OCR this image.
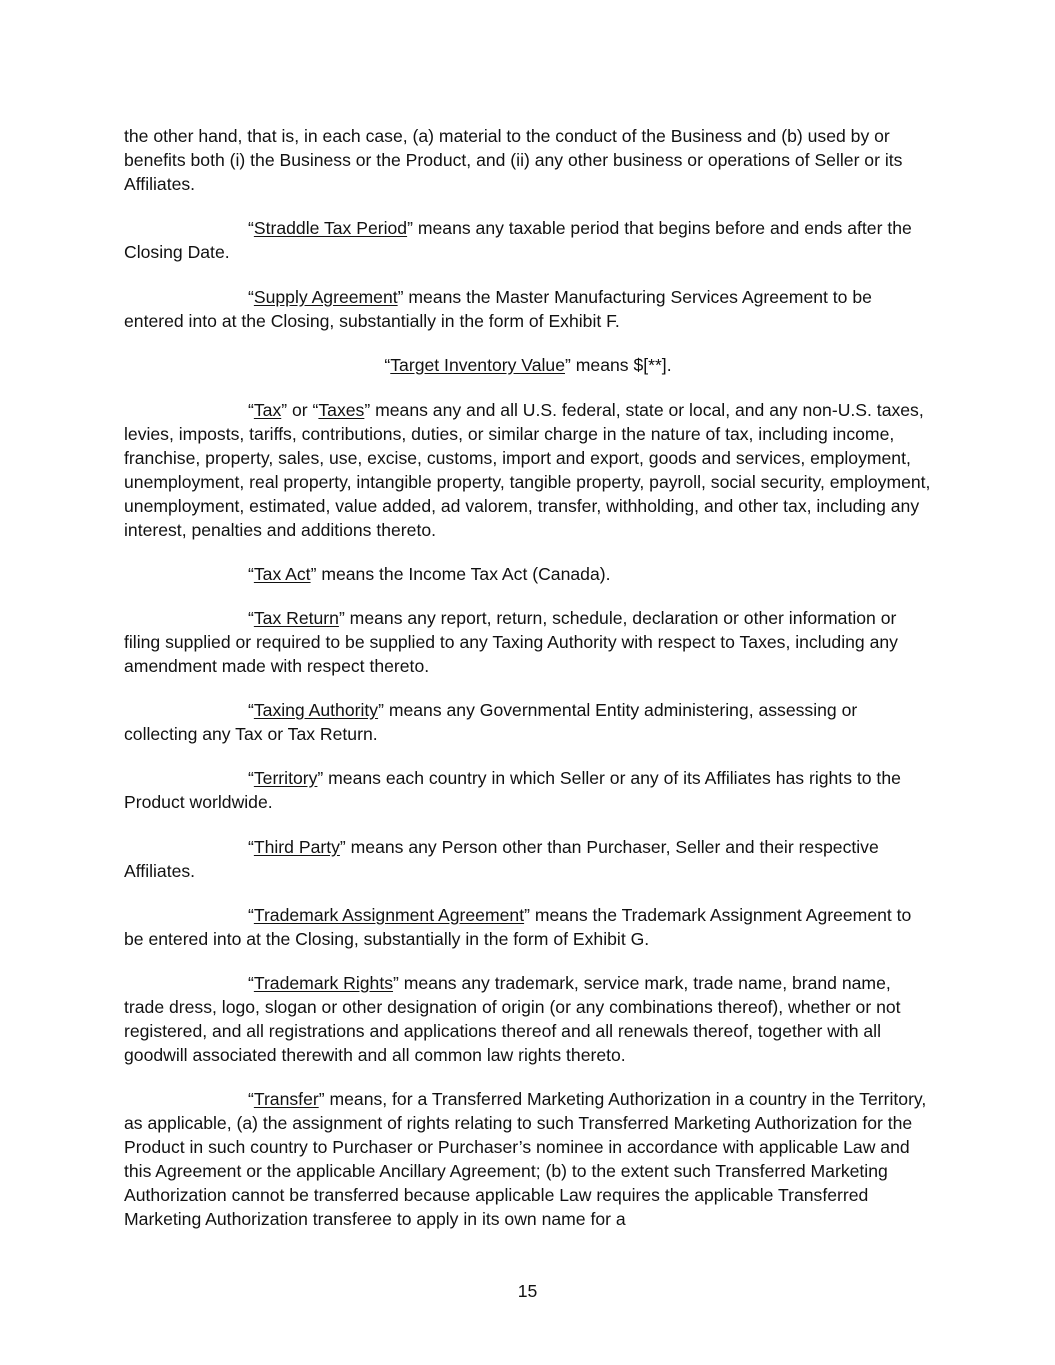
the other hand, that is, in each case, (a) material to the conduct of the Business and (b) used by or benefits both (i) the Business or the Product, and (ii) any other business or operations of Seller or its Affiliates.

“Straddle Tax Period” means any taxable period that begins before and ends after the Closing Date.

“Supply Agreement” means the Master Manufacturing Services Agreement to be entered into at the Closing, substantially in the form of Exhibit F.

“Target Inventory Value” means $[**].

“Tax” or “Taxes” means any and all U.S. federal, state or local, and any non-U.S. taxes, levies, imposts, tariffs, contributions, duties, or similar charge in the nature of tax, including income, franchise, property, sales, use, excise, customs, import and export, goods and services, employment, unemployment, real property, intangible property, tangible property, payroll, social security, employment, unemployment, estimated, value added, ad valorem, transfer, withholding, and other tax, including any interest, penalties and additions thereto.

“Tax Act” means the Income Tax Act (Canada).

“Tax Return” means any report, return, schedule, declaration or other information or filing supplied or required to be supplied to any Taxing Authority with respect to Taxes, including any amendment made with respect thereto.

“Taxing Authority” means any Governmental Entity administering, assessing or collecting any Tax or Tax Return.

“Territory” means each country in which Seller or any of its Affiliates has rights to the Product worldwide.

“Third Party” means any Person other than Purchaser, Seller and their respective Affiliates.

“Trademark Assignment Agreement” means the Trademark Assignment Agreement to be entered into at the Closing, substantially in the form of Exhibit G.

“Trademark Rights” means any trademark, service mark, trade name, brand name, trade dress, logo, slogan or other designation of origin (or any combinations thereof), whether or not registered, and all registrations and applications thereof and all renewals thereof, together with all goodwill associated therewith and all common law rights thereto.

“Transfer” means, for a Transferred Marketing Authorization in a country in the Territory, as applicable, (a) the assignment of rights relating to such Transferred Marketing Authorization for the Product in such country to Purchaser or Purchaser’s nominee in accordance with applicable Law and this Agreement or the applicable Ancillary Agreement; (b) to the extent such Transferred Marketing Authorization cannot be transferred because applicable Law requires the applicable Transferred Marketing Authorization transferee to apply in its own name for a

15
